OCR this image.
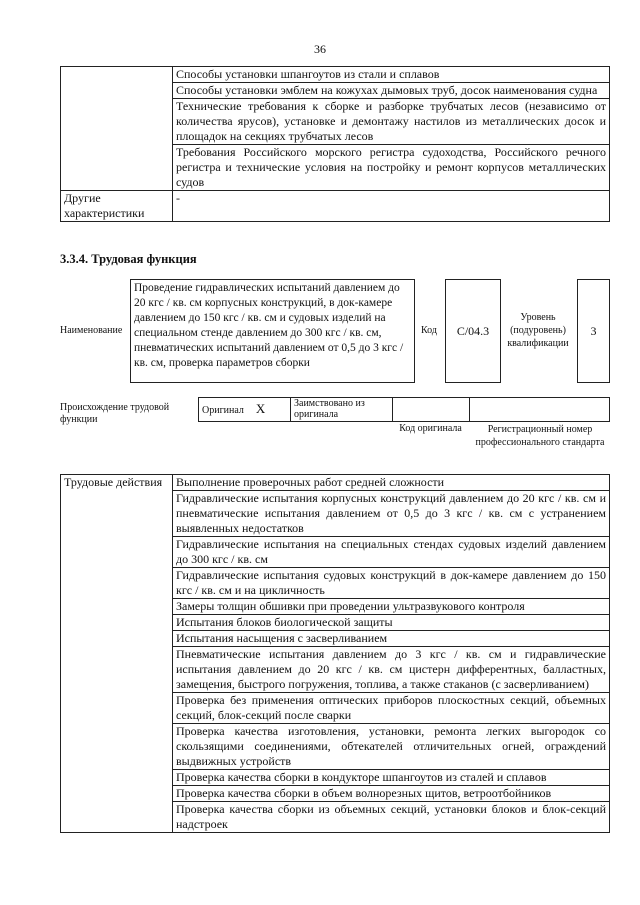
36
	Способы установки шпангоутов из стали и сплавов
	Способы установки эмблем на кожухах дымовых труб, досок наименования судна
	Технические требования к сборке и разборке трубчатых лесов (независимо от количества ярусов), установке и демонтажу настилов из металлических досок и площадок на секциях трубчатых лесов
	Требования Российского морского регистра судоходства, Российского речного регистра и технические условия на постройку и ремонт корпусов металлических судов
Другие характеристики	-
3.3.4. Трудовая функция
Наименование
Проведение гидравлических испытаний давлением до 20 кгс / кв. см корпусных конструкций, в док-камере давлением до 150 кгс / кв. см и судовых изделий на специальном стенде давлением до 300 кгс / кв. см, пневматических испытаний давлением от 0,5 до 3 кгс / кв. см, проверка параметров сборки
Код	С/04.3
Уровень (подуровень) квалификации
3
Происхождение трудовой функции
Оригинал X	Заимствовано из оригинала		
Код оригинала	Регистрационный номер профессионального стандарта
Трудовые действия	Выполнение проверочных работ средней сложности
Гидравлические испытания корпусных конструкций давлением до 20 кгс / кв. см и пневматические испытания давлением от 0,5 до 3 кгс / кв. см с устранением выявленных недостатков
Гидравлические испытания на специальных стендах судовых изделий давлением до 300 кгс / кв. см
Гидравлические испытания судовых конструкций в док-камере давлением до 150 кгс / кв. см и на цикличность
Замеры толщин обшивки при проведении ультразвукового контроля
Испытания блоков биологической защиты
Испытания насыщения с засверливанием
Пневматические испытания давлением до 3 кгс / кв. см и гидравлические испытания давлением до 20 кгс / кв. см цистерн дифферентных, балластных, замещения, быстрого погружения, топлива, а также стаканов (с засверливанием)
Проверка без применения оптических приборов плоскостных секций, объемных секций, блок-секций после сварки
Проверка качества изготовления, установки, ремонта легких выгородок со скользящими соединениями, обтекателей отличительных огней, ограждений выдвижных устройств
Проверка качества сборки в кондукторе шпангоутов из сталей и сплавов
Проверка качества сборки в объем волнорезных щитов, ветроотбойников
Проверка качества сборки из объемных секций, установки блоков и блок-секций надстроек
